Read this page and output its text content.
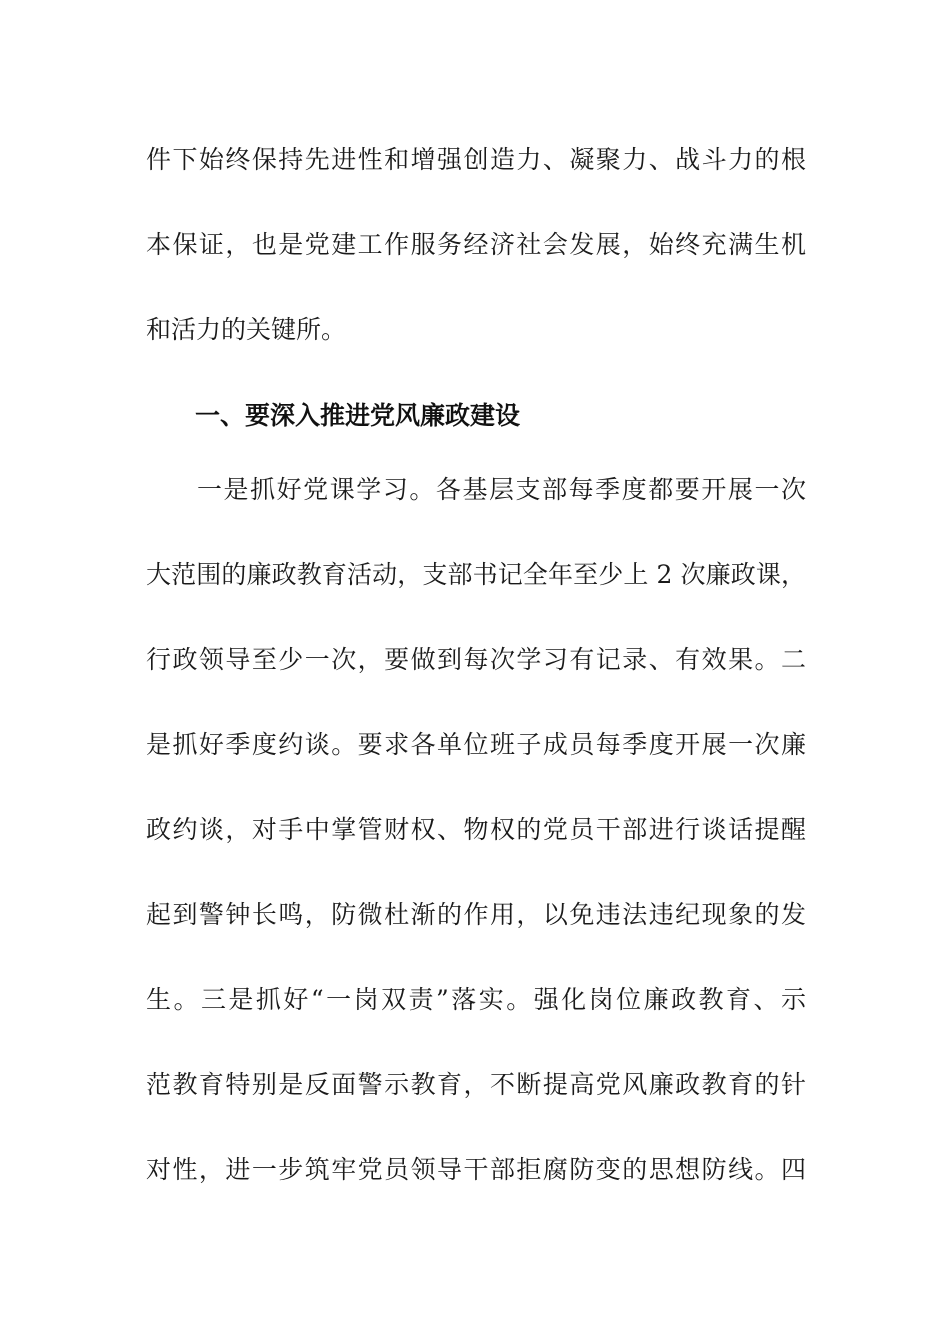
件下始终保持先进性和增强创造力、凝聚力、战斗力的根
本保证，也是党建工作服务经济社会发展，始终充满生机
和活力的关键所。
一、要深入推进党风廉政建设
一是抓好党课学习。各基层支部每季度都要开展一次
大范围的廉政教育活动，支部书记全年至少上 2 次廉政课，
行政领导至少一次，要做到每次学习有记录、有效果。二
是抓好季度约谈。要求各单位班子成员每季度开展一次廉
政约谈，对手中掌管财权、物权的党员干部进行谈话提醒
起到警钟长鸣，防微杜渐的作用，以免违法违纪现象的发
生。三是抓好“一岗双责”落实。强化岗位廉政教育、示
范教育特别是反面警示教育，不断提高党风廉政教育的针
对性，进一步筑牢党员领导干部拒腐防变的思想防线。四
